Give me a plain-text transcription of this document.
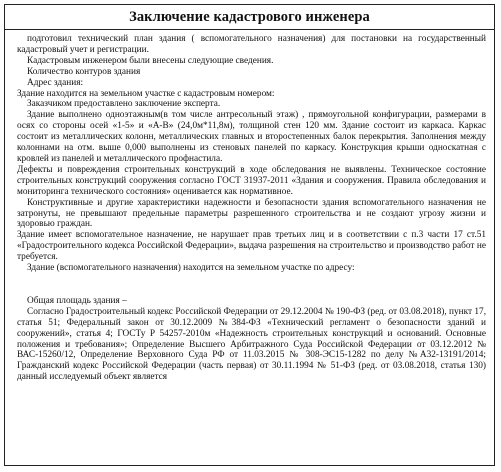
Заключение кадастрового инженера

подготовил технический план здания ( вспомогательного назначения) для постановки на государственный кадастровый учет и регистрации.

Кадастровым инженером были внесены следующие сведения.

Количество контуров здания

Адрес здания:

Здание находится на земельном участке с кадастровым номером:

Заказчиком предоставлено заключение эксперта.

Здание выполнено одноэтажным(в том числе антресольный этаж) , прямоугольной конфигурации, размерами в осях со стороны осей «1-5» и «А-В» (24,0м*11,8м), толщиной стен 120 мм. Здание состоит из каркаса. Каркас состоит из металлических колонн, металлических главных и второстепенных балок перекрытия. Заполнения между колоннами на отм. выше 0,000 выполнены из стеновых панелей по каркасу. Конструкция крыши односкатная с кровлей из панелей и металлического профнастила.

Дефекты и повреждения строительных конструкций в ходе обследования не выявлены. Техническое состояние строительных конструкций сооружения согласно ГОСТ 31937-2011 «Здания и сооружения. Правила обследования и мониторинга технического состояния» оценивается как нормативное.

Конструктивные и другие характеристики надежности и безопасности здания вспомогательного назначения не затронуты, не превышают предельные параметры разрешенного строительства и не создают угрозу жизни и здоровью граждан.

Здание имеет вспомогательное назначение, не нарушает прав третьих лиц и в соответствии с п.3 части 17 ст.51 «Градостроительного кодекса Российской Федерации», выдача разрешения на строительство и производство работ не требуется.

Здание (вспомогательного назначения) находится на земельном участке по адресу:

Общая площадь здания –

Согласно Градостроительный кодекс Российской Федерации от 29.12.2004 № 190-ФЗ (ред. от 03.08.2018), пункт 17, статья 51; Федеральный закон от 30.12.2009 №384-ФЗ «Технический регламент о безопасности зданий и сооружений», статья 4; ГОСТу Р 54257-2010м «Надежность строительных конструкций и оснований. Основные положения и требования»; Определение Высшего Арбитражного Суда Российской Федерации от 03.12.2012 № ВАС-15260/12, Определение Верховного Суда РФ от 11.03.2015 № 308-ЭС15-1282 по делу №А32-13191/2014; Гражданский кодекс Российской Федерации (часть первая) от 30.11.1994 № 51-ФЗ (ред. от 03.08.2018, статья 130) данный исследуемый объект является
